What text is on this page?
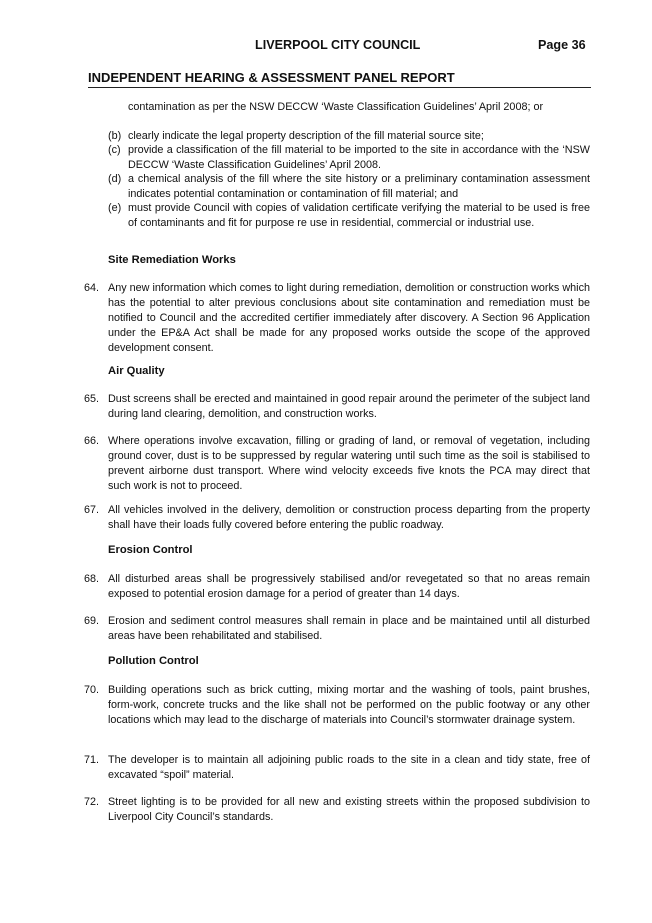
LIVERPOOL CITY COUNCIL	Page 36
INDEPENDENT HEARING & ASSESSMENT PANEL REPORT
contamination as per the NSW DECCW ‘Waste Classification Guidelines’ April 2008; or
(b) clearly indicate the legal property description of the fill material source site;
(c) provide a classification of the fill material to be imported to the site in accordance with the ‘NSW DECCW ‘Waste Classification Guidelines’ April 2008.
(d) a chemical analysis of the fill where the site history or a preliminary contamination assessment indicates potential contamination or contamination of fill material; and
(e) must provide Council with copies of validation certificate verifying the material to be used is free of contaminants and fit for purpose re use in residential, commercial or industrial use.
Site Remediation Works
64. Any new information which comes to light during remediation, demolition or construction works which has the potential to alter previous conclusions about site contamination and remediation must be notified to Council and the accredited certifier immediately after discovery. A Section 96 Application under the EP&A Act shall be made for any proposed works outside the scope of the approved development consent.
Air Quality
65. Dust screens shall be erected and maintained in good repair around the perimeter of the subject land during land clearing, demolition, and construction works.
66. Where operations involve excavation, filling or grading of land, or removal of vegetation, including ground cover, dust is to be suppressed by regular watering until such time as the soil is stabilised to prevent airborne dust transport. Where wind velocity exceeds five knots the PCA may direct that such work is not to proceed.
67. All vehicles involved in the delivery, demolition or construction process departing from the property shall have their loads fully covered before entering the public roadway.
Erosion Control
68. All disturbed areas shall be progressively stabilised and/or revegetated so that no areas remain exposed to potential erosion damage for a period of greater than 14 days.
69. Erosion and sediment control measures shall remain in place and be maintained until all disturbed areas have been rehabilitated and stabilised.
Pollution Control
70. Building operations such as brick cutting, mixing mortar and the washing of tools, paint brushes, form-work, concrete trucks and the like shall not be performed on the public footway or any other locations which may lead to the discharge of materials into Council’s stormwater drainage system.
71. The developer is to maintain all adjoining public roads to the site in a clean and tidy state, free of excavated “spoil” material.
72. Street lighting is to be provided for all new and existing streets within the proposed subdivision to Liverpool City Council’s standards.
